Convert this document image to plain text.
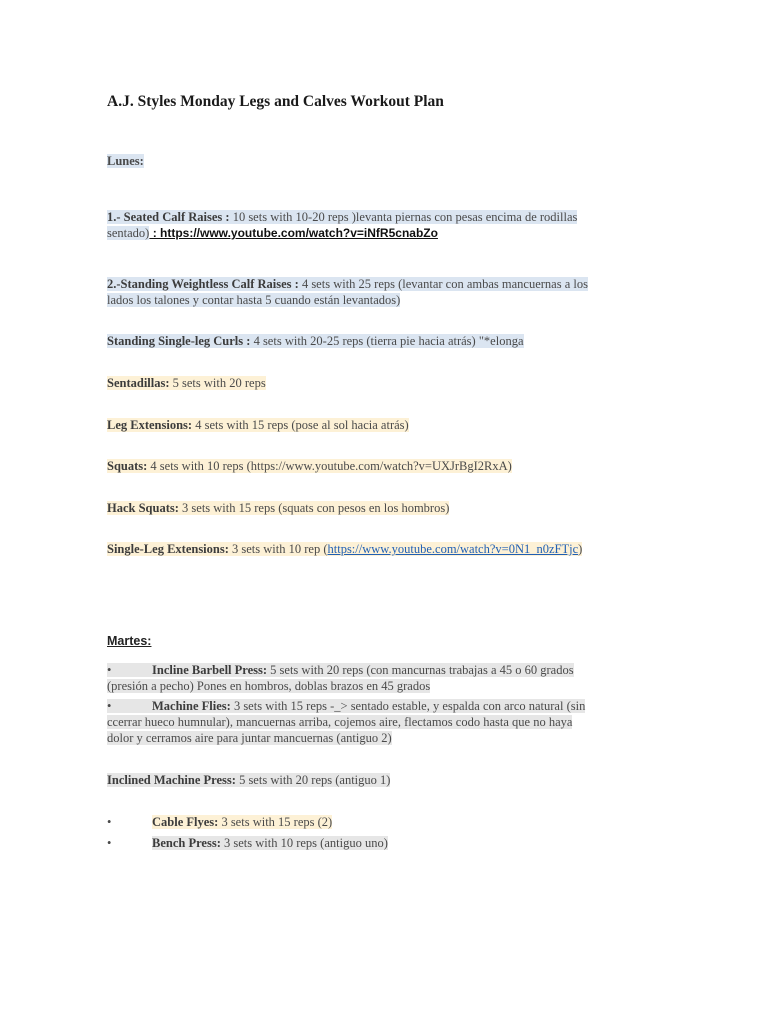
A.J. Styles Monday Legs and Calves Workout Plan
Lunes:
1.- Seated Calf Raises : 10 sets with 10-20 reps )levanta piernas con pesas encima de rodillas
sentado) : https://www.youtube.com/watch?v=iNfR5cnabZo
2.-Standing Weightless Calf Raises : 4 sets with 25 reps (levantar con ambas mancuernas a los
lados los talones y contar hasta 5 cuando están levantados)
Standing Single-leg Curls : 4 sets with 20-25 reps (tierra pie hacia atrás) "*elonga
Sentadillas: 5 sets with 20 reps
Leg Extensions: 4 sets with 15 reps (pose al sol hacia atrás)
Squats: 4 sets with 10 reps (https://www.youtube.com/watch?v=UXJrBgI2RxA)
Hack Squats: 3 sets with 15 reps (squats con pesos en los hombros)
Single-Leg Extensions: 3 sets with 10 rep (https://www.youtube.com/watch?v=0N1_n0zFTjc)
Martes:
•	Incline Barbell Press: 5 sets with 20 reps (con mancurnas trabajas a 45 o 60 grados
(presión a pecho) Pones en hombros, doblas brazos en 45 grados
•	Machine Flies: 3 sets with 15 reps -_> sentado estable, y espalda con arco natural (sin
ccerrar hueco humnular), mancuernas arriba, cojemos aire, flectamos codo hasta que no haya
dolor y cerramos aire para juntar mancuernas (antiguo 2)
Inclined Machine Press: 5 sets with 20 reps (antiguo 1)
•	Cable Flyes: 3 sets with 15 reps (2)
•	Bench Press: 3 sets with 10 reps (antiguo uno)
